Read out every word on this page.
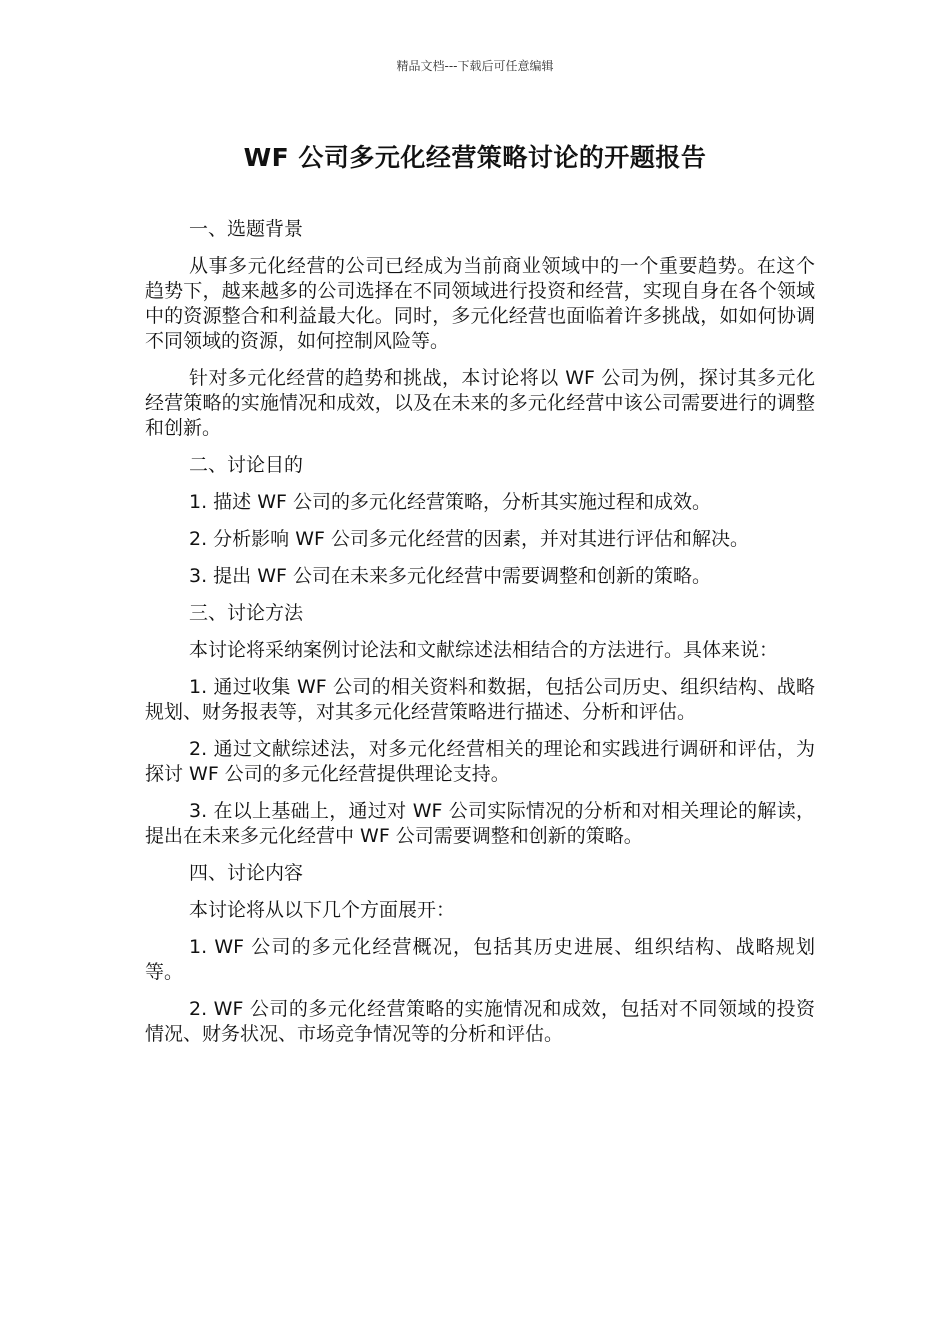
精品文档---下载后可任意编辑
WF 公司多元化经营策略讨论的开题报告

一、选题背景

从事多元化经营的公司已经成为当前商业领域中的一个重要趋势。在这个趋势下，越来越多的公司选择在不同领域进行投资和经营，实现自身在各个领域中的资源整合和利益最大化。同时，多元化经营也面临着许多挑战，如如何协调不同领域的资源，如何控制风险等。

针对多元化经营的趋势和挑战，本讨论将以 WF 公司为例，探讨其多元化经营策略的实施情况和成效，以及在未来的多元化经营中该公司需要进行的调整和创新。

二、讨论目的

1. 描述 WF 公司的多元化经营策略，分析其实施过程和成效。

2. 分析影响 WF 公司多元化经营的因素，并对其进行评估和解决。

3. 提出 WF 公司在未来多元化经营中需要调整和创新的策略。

三、讨论方法

本讨论将采纳案例讨论法和文献综述法相结合的方法进行。具体来说：

1. 通过收集 WF 公司的相关资料和数据，包括公司历史、组织结构、战略规划、财务报表等，对其多元化经营策略进行描述、分析和评估。

2. 通过文献综述法，对多元化经营相关的理论和实践进行调研和评估，为探讨 WF 公司的多元化经营提供理论支持。

3. 在以上基础上，通过对 WF 公司实际情况的分析和对相关理论的解读，提出在未来多元化经营中 WF 公司需要调整和创新的策略。

四、讨论内容

本讨论将从以下几个方面展开：

1. WF 公司的多元化经营概况，包括其历史进展、组织结构、战略规划等。

2. WF 公司的多元化经营策略的实施情况和成效，包括对不同领域的投资情况、财务状况、市场竞争情况等的分析和评估。
